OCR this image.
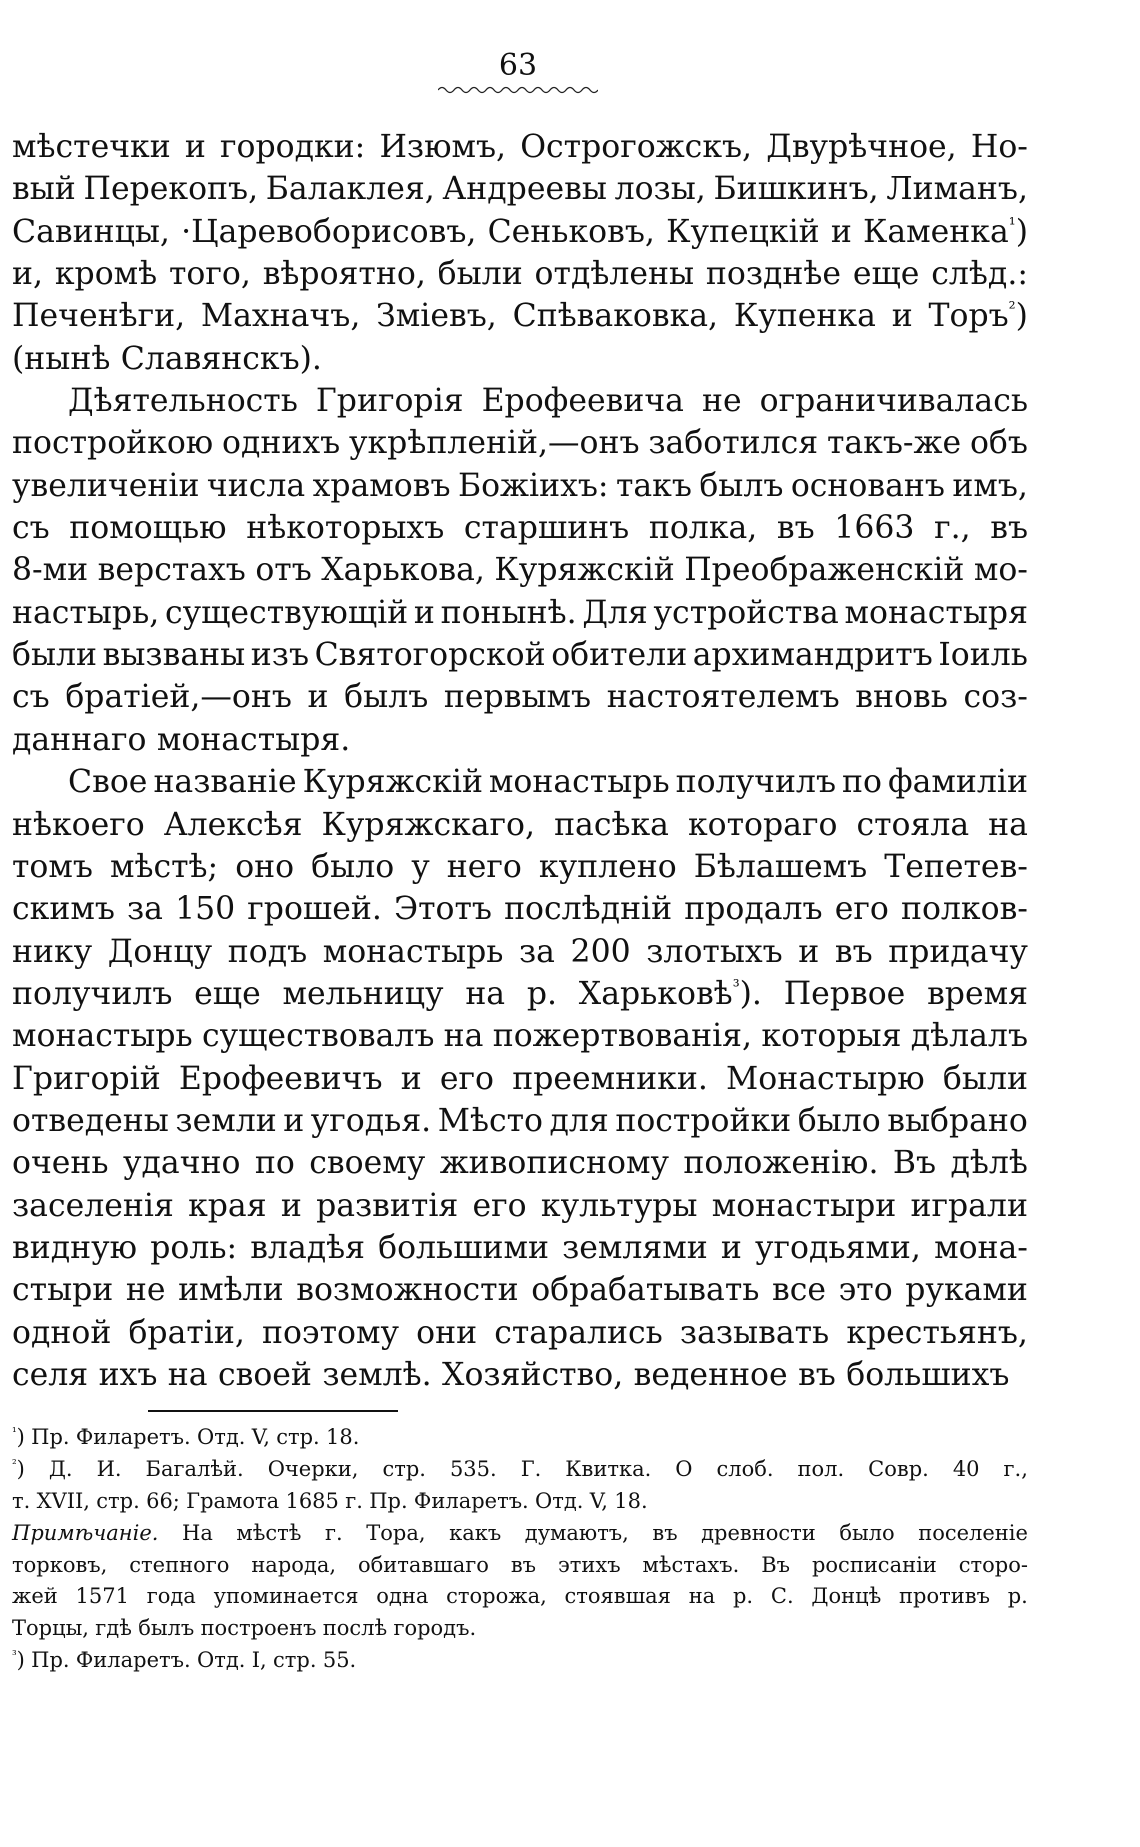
63
мѣстечки и городки: Изюмъ, Острогожскъ, Двурѣчное, Но-
вый Перекопъ, Балаклея, Андреевы лозы, Бишкинъ, Лиманъ,
Савинцы, ·Царевоборисовъ, Сеньковъ, Купецкій и Каменка$^{^1}$)
и, кромѣ того, вѣроятно, были отдѣлены позднѣе еще слѣд.:
Печенѣги, Махначъ, Зміевъ, Спѣваковка, Купенка и Торъ$^{^2}$)
(нынѣ Славянскъ).
Дѣятельность Григорія Ерофеевича не ограничивалась
постройкою однихъ укрѣпленій,—онъ заботился такъ-же объ
увеличеніи числа храмовъ Божіихъ: такъ былъ основанъ имъ,
съ помощью нѣкоторыхъ старшинъ полка, въ 1663 г., въ
8-ми верстахъ отъ Харькова, Куряжскій Преображенскій мо-
настырь, существующій и понынѣ. Для устройства монастыря
были вызваны изъ Святогорской обители архимандритъ Іоиль
съ братіей,—онъ и былъ первымъ настоятелемъ вновь соз-
даннаго монастыря.
Свое названіе Куряжскій монастырь получилъ по фамиліи
нѣкоего Алексѣя Куряжскаго, пасѣка котораго стояла на
томъ мѣстѣ; оно было у него куплено Бѣлашемъ Тепетев-
скимъ за 150 грошей. Этотъ послѣдній продалъ его полков-
нику Донцу подъ монастырь за 200 злотыхъ и въ придачу
получилъ еще мельницу на р. Харьковѣ$^{^3}$). Первое время
монастырь существовалъ на пожертвованія, которыя дѣлалъ
Григорій Ерофеевичъ и его преемники. Монастырю были
отведены земли и угодья. Мѣсто для постройки было выбрано
очень удачно по своему живописному положенію. Въ дѣлѣ
заселенія края и развитія его культуры монастыри играли
видную роль: владѣя большими землями и угодьями, мона-
стыри не имѣли возможности обрабатывать все это руками
одной братіи, поэтому они старались зазывать крестьянъ,
селя ихъ на своей землѣ. Хозяйство, веденное въ большихъ
$^{^1}$) Пр. Филаретъ. Отд. V, стр. 18.
$^{^2}$) Д. И. Багалѣй. Очерки, стр. 535. Г. Квитка. О слоб. пол. Совр. 40 г.,
т. XVII, стр. 66; Грамота 1685 г. Пр. Филаретъ. Отд. V, 18.
Примѣчаніе. На мѣстѣ г. Тора, какъ думаютъ, въ древности было поселеніе
торковъ, степного народа, обитавшаго въ этихъ мѣстахъ. Въ росписаніи сторо-
жей 1571 года упоминается одна сторожа, стоявшая на р. С. Донцѣ противъ р.
Торцы, гдѣ былъ построенъ послѣ городъ.
$^{^3}$) Пр. Филаретъ. Отд. I, стр. 55.
